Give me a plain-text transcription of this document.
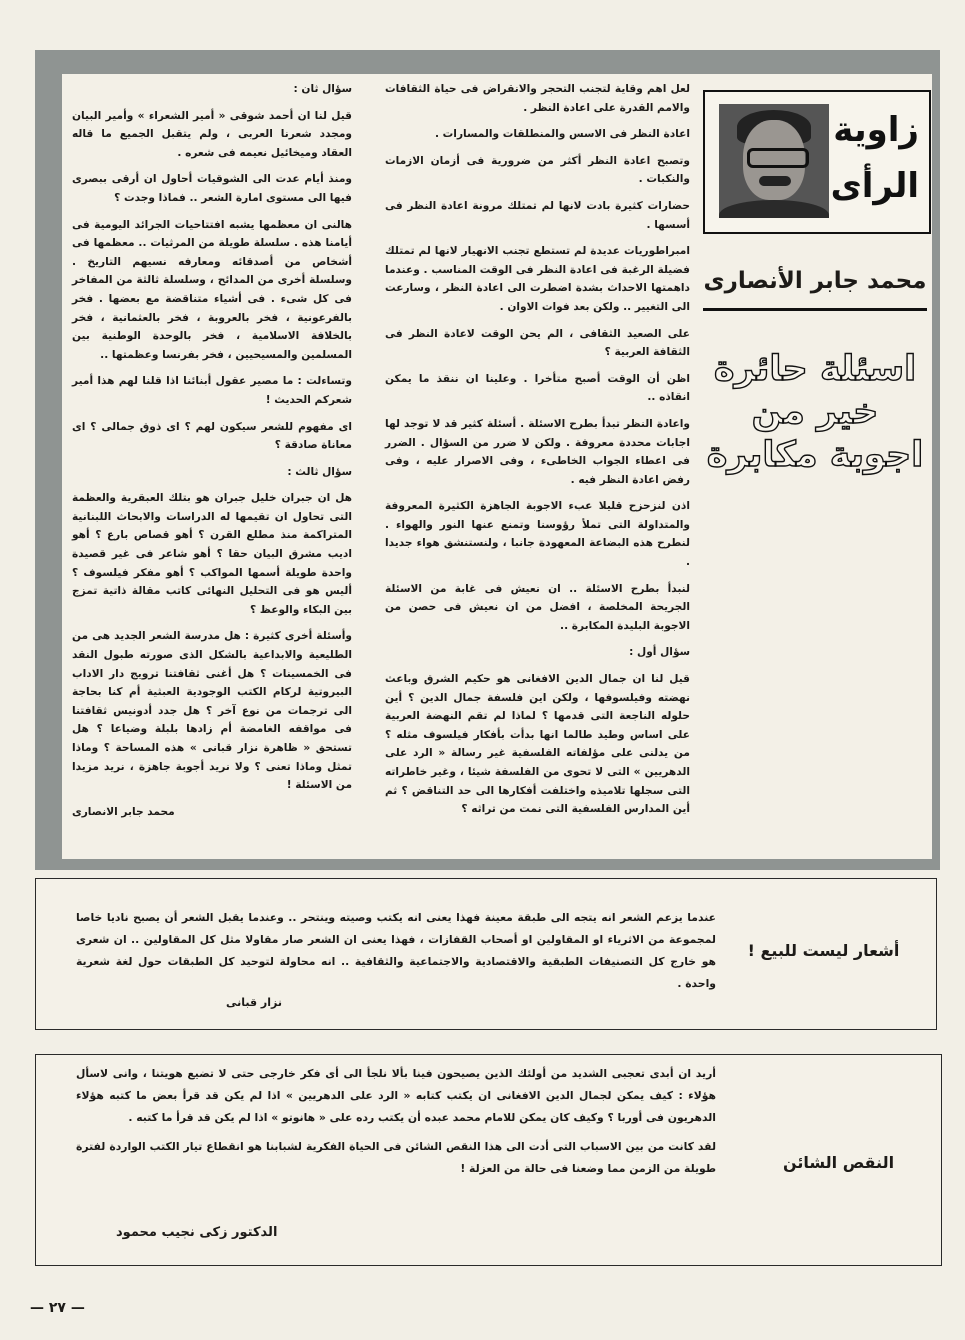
زاوية الرأى
محمد جابر الأنصارى
اسئلة حائرة خير من اجوبة مكابرة

لعل اهم وقاية لتجنب التحجر والانقراض فى حياة الثقافات والامم القدرة على اعادة النظر .

اعادة النظر فى الاسس والمنطلقات والمسارات .

وتصبح اعادة النظر أكثر من ضرورية فى أزمان الازمات والنكبات .

حضارات كثيرة بادت لانها لم تمتلك مرونة اعادة النظر فى أسسها .

امبراطوريات عديدة لم تستطع تجنب الانهيار لانها لم تمتلك فضيلة الرغبة فى اعادة النظر فى الوقت المناسب . وعندما داهمتها الاحداث بشدة اضطرت الى اعادة النظر ، وسارعت الى التغيير .. ولكن بعد فوات الاوان .

على الصعيد الثقافى ، الم يحن الوقت لاعادة النظر فى الثقافة العربية ؟

اظن أن الوقت أصبح متأخرا . وعلينا ان ننقذ ما يمكن انقاذه ..

واعادة النظر تبدأ بطرح الاسئلة . أسئلة كثير قد لا توجد لها اجابات محددة معروفة . ولكن لا ضرر من السؤال . الضرر فى اعطاء الجواب الخاطىء ، وفى الاصرار عليه ، وفى رفض اعادة النظر فيه .

اذن لنزحزح قليلا عبء الاجوبة الجاهزة الكثيرة المعروفة والمتداولة التى تملأ رؤوسنا وتمنع عنها النور والهواء . لنطرح هذه البضاعة المعهودة جانبا ، ولنستنشق هواء جديدا .

لنبدأ بطرح الاسئلة .. ان نعيش فى غابة من الاسئلة الجريحة المخلصة ، افضل من ان نعيش فى حصن من الاجوبة البليدة المكابرة ..

سؤال أول :

قيل لنا ان جمال الدين الافغانى هو حكيم الشرق وباعث نهضته وفيلسوفها ، ولكن اين فلسفة جمال الدين ؟ أين حلوله الناجعة التى قدمها ؟ لماذا لم تقم النهضة العربية على اساس وطيد طالما انها بدأت بأفكار فيلسوف مثله ؟ من يدلنى على مؤلفاته الفلسفية غير رسالة « الرد على الدهريين » التى لا تحوى من الفلسفة شيئا ، وغير خاطراته التى سجلها تلاميذه واختلفت أفكارها الى حد التناقض ؟ ثم أين المدارس الفلسفية التى نمت من تراثه ؟

سؤال ثان :

قيل لنا ان أحمد شوقى « أمير الشعراء » وأمير البيان ومجدد شعرنا العربى ، ولم يتقبل الجميع ما قاله العقاد وميخائيل نعيمه فى شعره .

ومنذ أيام عدت الى الشوقيات أحاول ان أرقى ببصرى فيها الى مستوى امارة الشعر .. فماذا وجدت ؟

هالنى ان معظمها يشبه افتتاحيات الجرائد اليومية فى أيامنا هذه . سلسلة طويلة من المرثيات .. معظمها فى أشخاص من أصدقائه ومعارفه نسيهم التاريخ . وسلسلة أخرى من المدائح ، وسلسلة ثالثة من المفاخر فى كل شىء . فى أشياء متناقضة مع بعضها . فخر بالفرعونية ، فخر بالعروبة ، فخر بالعثمانية ، فخر بالخلافة الاسلامية ، فخر بالوحدة الوطنية بين المسلمين والمسيحيين ، فخر بفرنسا وعظمتها ..

وتساءلت : ما مصير عقول أبنائنا اذا قلنا لهم هذا أمير شعركم الحديث !

اى مفهوم للشعر سيكون لهم ؟ اى ذوق جمالى ؟ اى معاناة صادقة ؟

سؤال ثالث :

هل ان جبران خليل جبران هو بتلك العبقرية والعظمة التى تحاول ان تقيمها له الدراسات والابحاث اللبنانية المتراكمة منذ مطلع القرن ؟ أهو قصاص بارع ؟ أهو اديب مشرق البيان حقا ؟ أهو شاعر فى غير قصيدة واحدة طويلة أسمها المواكب ؟ أهو مفكر فيلسوف ؟ أليس هو فى التحليل النهائى كاتب مقالة ذاتية تمزج بين البكاء والوعظ ؟

وأسئلة أخرى كثيرة : هل مدرسة الشعر الجديد هى من الطليعية والابداعية بالشكل الذى صورته طبول النقد فى الخمسينات ؟ هل أغنى ثقافتنا ترويج دار الاداب البيروتية لركام الكتب الوجودية العبثية أم كنا بحاجة الى ترجمات من نوع آخر ؟ هل جدد أدونيس ثقافتنا فى مواقفه الغامضة أم زادها بلبلة وضياعا ؟ هل تستحق « ظاهرة نزار قبانى » هذه المساحة ؟ وماذا تمثل وماذا تعنى ؟ ولا نريد أجوبة جاهزة ، نريد مزيدا من الاسئلة !

محمد جابر الانصارى

عندما يزعم الشعر انه يتجه الى طبقة معينة فهذا يعنى انه يكتب وصيته وينتحر .. وعندما يقبل الشعر أن يصبح ناديا خاصا لمجموعة من الاثرياء او المقاولين او أصحاب القفازات ، فهذا يعنى ان الشعر صار مقاولا مثل كل المقاولين .. ان شعرى هو خارج كل التصنيفات الطبقية والاقتصادية والاجتماعية والثقافية .. انه محاولة لتوحيد كل الطبقات حول لغة شعرية واحدة .
نزار قبانى
أشعار ليست للبيع !

أريد ان أبدى تعجبى الشديد من أولئك الذين يصيحون فينا بألا نلجأ الى أى فكر خارجى حتى لا تضيع هويتنا ، وانى لاسأل هؤلاء : كيف يمكن لجمال الدين الافغانى ان يكتب كتابه « الرد على الدهريين » اذا لم يكن قد قرأ بعض ما كتبه هؤلاء الدهريون فى أوربا ؟ وكيف كان يمكن للامام محمد عبده أن يكتب رده على « هانوتو » اذا لم يكن قد قرأ ما كتبه .

لقد كانت من بين الاسباب التى أدت الى هذا النقص الشائن فى الحياة الفكرية لشبابنا هو انقطاع تيار الكتب الواردة لفترة طويلة من الزمن مما وضعنا فى حالة من العزلة !

الدكتور زكى نجيب محمود
النقص الشائن
— ٢٧ —
